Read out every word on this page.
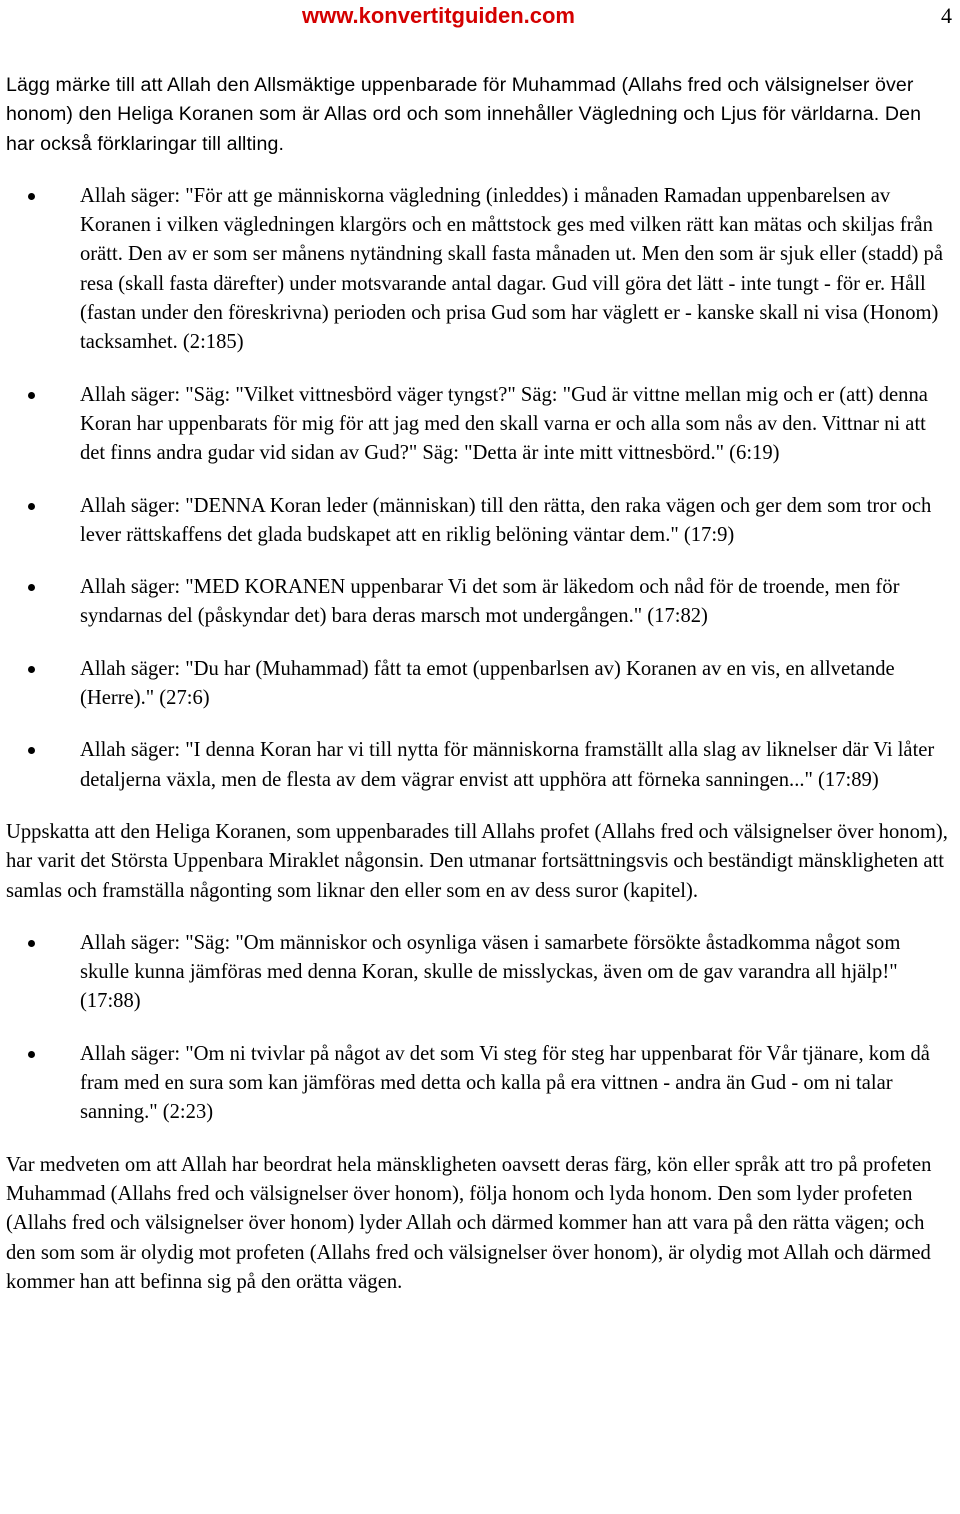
www.konvertitguiden.com	4

Lägg märke till att Allah den Allsmäktige uppenbarade för Muhammad (Allahs fred och välsignelser över honom) den Heliga Koranen som är Allas ord och som innehåller Vägledning och Ljus för världarna. Den har också förklaringar till allting.

Allah säger: "För att ge människorna vägledning (inleddes) i månaden Ramadan uppenbarelsen av Koranen i vilken vägledningen klargörs och en måttstock ges med vilken rätt kan mätas och skiljas från orätt. Den av er som ser månens nytändning skall fasta månaden ut. Men den som är sjuk eller (stadd) på resa (skall fasta därefter) under motsvarande antal dagar. Gud vill göra det lätt - inte tungt - för er. Håll (fastan under den föreskrivna) perioden och prisa Gud som har väglett er - kanske skall ni visa (Honom) tacksamhet. (2:185)
Allah säger: "Säg: "Vilket vittnesbörd väger tyngst?" Säg: "Gud är vittne mellan mig och er (att) denna Koran har uppenbarats för mig för att jag med den skall varna er och alla som nås av den. Vittnar ni att det finns andra gudar vid sidan av Gud?" Säg: "Detta är inte mitt vittnesbörd." (6:19)
Allah säger: "DENNA Koran leder (människan) till den rätta, den raka vägen och ger dem som tror och lever rättskaffens det glada budskapet att en riklig belöning väntar dem." (17:9)
Allah säger: "MED KORANEN uppenbarar Vi det som är läkedom och nåd för de troende, men för syndarnas del (påskyndar det) bara deras marsch mot undergången." (17:82)
Allah säger: "Du har (Muhammad) fått ta emot (uppenbarlsen av) Koranen av en vis, en allvetande (Herre)." (27:6)
Allah säger: "I denna Koran har vi till nytta för människorna framställt alla slag av liknelser där Vi låter detaljerna växla, men de flesta av dem vägrar envist att upphöra att förneka sanningen..." (17:89)

Uppskatta att den Heliga Koranen, som uppenbarades till Allahs profet (Allahs fred och välsignelser över honom), har varit det Största Uppenbara Miraklet någonsin. Den utmanar fortsättningsvis och beständigt mänskligheten att samlas och framställa någonting som liknar den eller som en av dess suror (kapitel).

Allah säger: "Säg: "Om människor och osynliga väsen i samarbete försökte åstadkomma något som skulle kunna jämföras med denna Koran, skulle de misslyckas, även om de gav varandra all hjälp!" (17:88)
Allah säger: "Om ni tvivlar på något av det som Vi steg för steg har uppenbarat för Vår tjänare, kom då fram med en sura som kan jämföras med detta och kalla på era vittnen - andra än Gud - om ni talar sanning." (2:23)

Var medveten om att Allah har beordrat hela mänskligheten oavsett deras färg, kön eller språk att tro på profeten Muhammad (Allahs fred och välsignelser över honom), följa honom och lyda honom. Den som lyder profeten (Allahs fred och välsignelser över honom) lyder Allah och därmed kommer han att vara på den rätta vägen; och den som som är olydig mot profeten (Allahs fred och välsignelser över honom), är olydig mot Allah och därmed kommer han att befinna sig på den orätta vägen.
